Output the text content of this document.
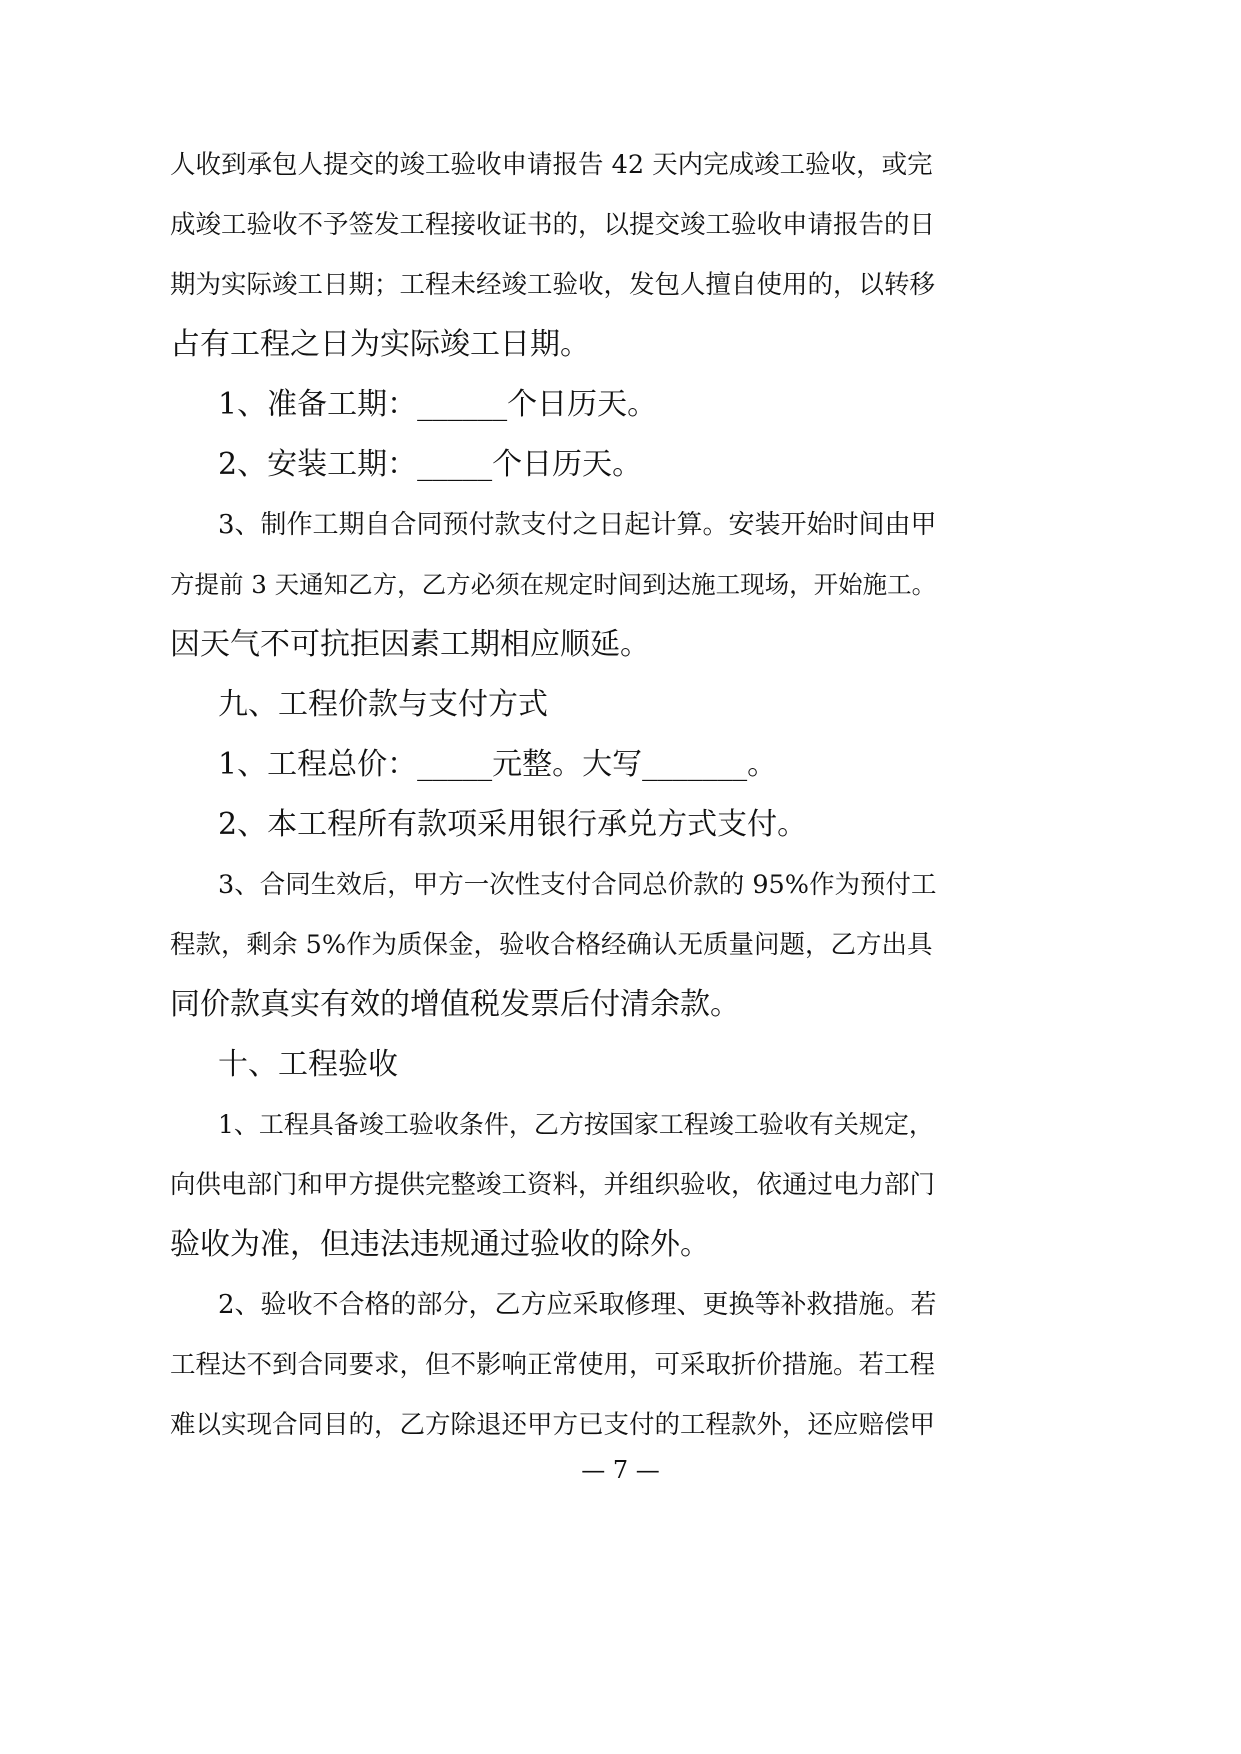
人收到承包人提交的竣工验收申请报告 42 天内完成竣工验收，或完
成竣工验收不予签发工程接收证书的，以提交竣工验收申请报告的日
期为实际竣工日期；工程未经竣工验收，发包人擅自使用的，以转移
占有工程之日为实际竣工日期。
1、准备工期：______个日历天。
2、安装工期：_____个日历天。
3、制作工期自合同预付款支付之日起计算。安装开始时间由甲
方提前 3 天通知乙方，乙方必须在规定时间到达施工现场，开始施工。
因天气不可抗拒因素工期相应顺延。
九、工程价款与支付方式
1、工程总价：_____元整。大写_______。
2、本工程所有款项采用银行承兑方式支付。
3、合同生效后，甲方一次性支付合同总价款的 95%作为预付工
程款，剩余 5%作为质保金，验收合格经确认无质量问题，乙方出具
同价款真实有效的增值税发票后付清余款。
十、工程验收
1、工程具备竣工验收条件，乙方按国家工程竣工验收有关规定，
向供电部门和甲方提供完整竣工资料，并组织验收，依通过电力部门
验收为准，但违法违规通过验收的除外。
2、验收不合格的部分，乙方应采取修理、更换等补救措施。若
工程达不到合同要求，但不影响正常使用，可采取折价措施。若工程
难以实现合同目的，乙方除退还甲方已支付的工程款外，还应赔偿甲
— 7 —
